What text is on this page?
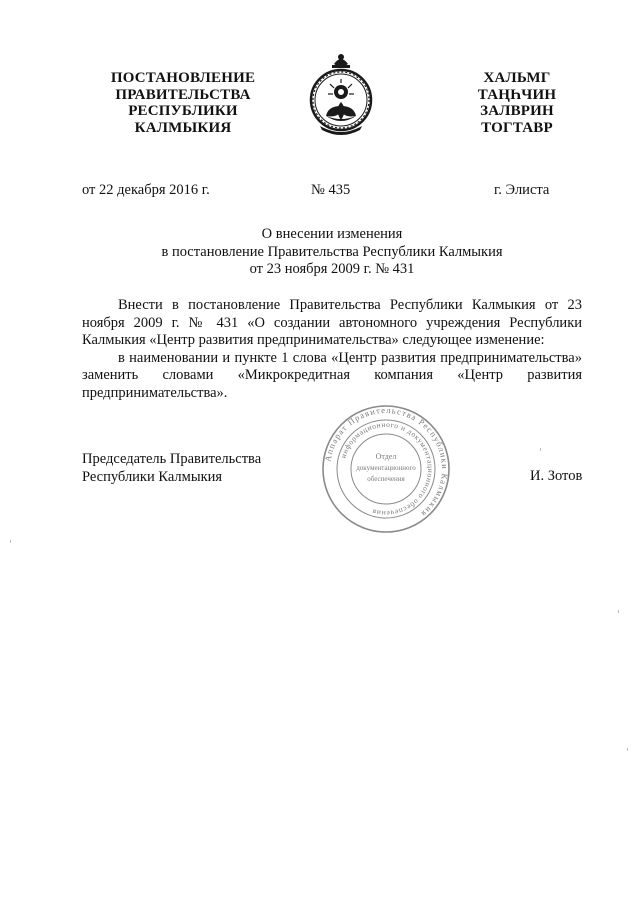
ПОСТАНОВЛЕНИЕ
ПРАВИТЕЛЬСТВА
РЕСПУБЛИКИ
КАЛМЫКИЯ
ХАЛЬМГ
ТАҢҺЧИН
ЗАЛВРИН
ТОГТАВР
от 22 декабря 2016 г.	№ 435	г. Элиста
О внесении изменения
в постановление Правительства Республики Калмыкия
от 23 ноября 2009 г. № 431

Внести в постановление Правительства Республики Калмыкия от 23 ноября 2009 г. № 431 «О создании автономного учреждения Республики Калмыкия «Центр развития предпринимательства» следующее изменение:

в наименовании и пункте 1 слова «Центр развития предпринимательства» заменить словами «Микрокредитная компания «Центр развития предпринимательства».

Председатель Правительства
Республики Калмыкия
Аппарат Правительства Республики Калмыкия
информационного и документационного обеспечения
Отдел
документационного
обеспечения	И. Зотов
